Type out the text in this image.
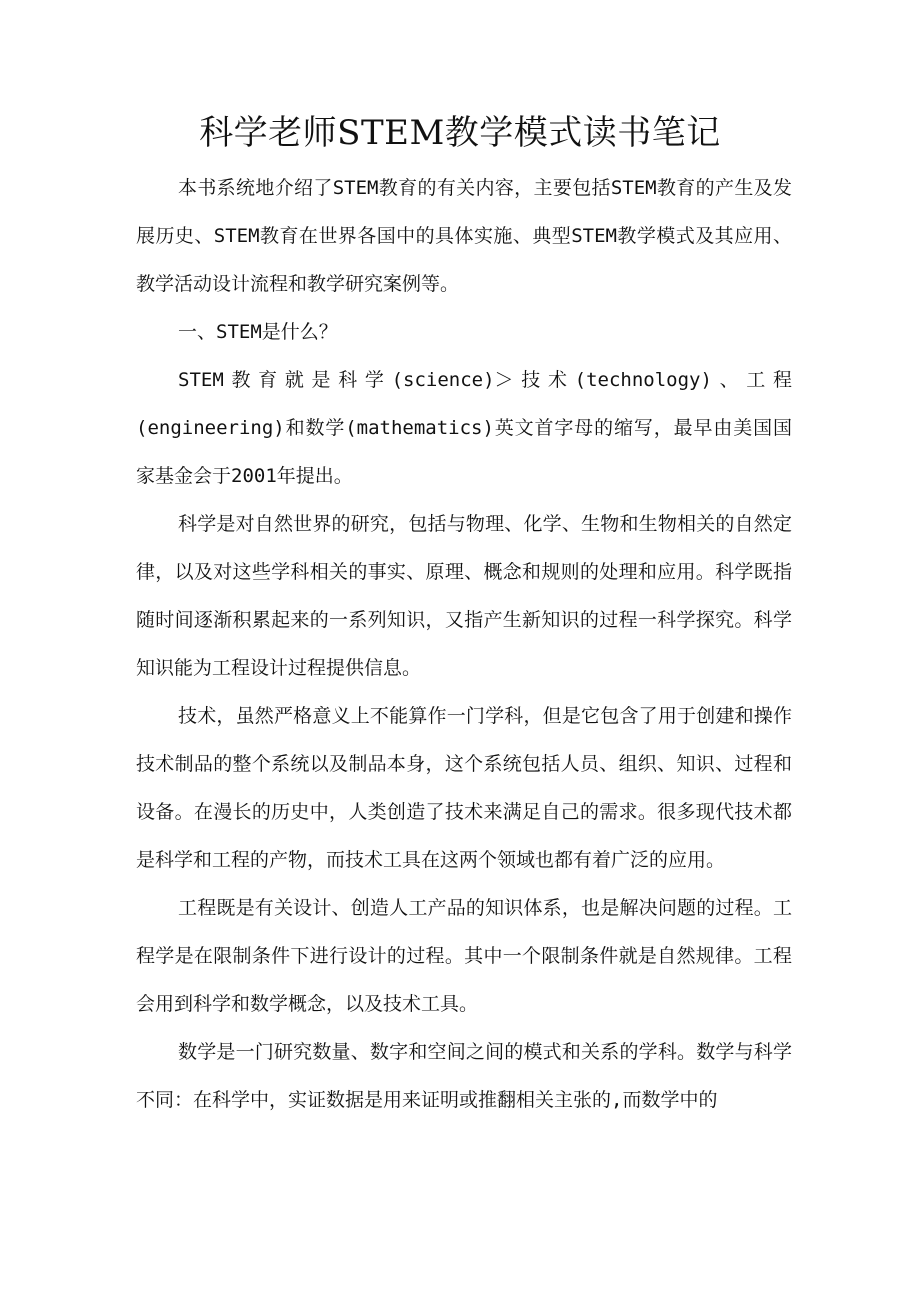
科学老师STEM教学模式读书笔记

本书系统地介绍了STEM教育的有关内容，主要包括STEM教育的产生及发展历史、STEM教育在世界各国中的具体实施、典型STEM教学模式及其应用、教学活动设计流程和教学研究案例等。

一、STEM是什么？

STEM教育就是科学(science)＞技术(technology)、工程(engineering)和数学(mathematics)英文首字母的缩写，最早由美国国家基金会于2001年提出。

科学是对自然世界的研究，包括与物理、化学、生物和生物相关的自然定律，以及对这些学科相关的事实、原理、概念和规则的处理和应用。科学既指随时间逐渐积累起来的一系列知识，又指产生新知识的过程一科学探究。科学知识能为工程设计过程提供信息。

技术，虽然严格意义上不能算作一门学科，但是它包含了用于创建和操作技术制品的整个系统以及制品本身，这个系统包括人员、组织、知识、过程和设备。在漫长的历史中，人类创造了技术来满足自己的需求。很多现代技术都是科学和工程的产物，而技术工具在这两个领域也都有着广泛的应用。

工程既是有关设计、创造人工产品的知识体系，也是解决问题的过程。工程学是在限制条件下进行设计的过程。其中一个限制条件就是自然规律。工程会用到科学和数学概念，以及技术工具。

数学是一门研究数量、数字和空间之间的模式和关系的学科。数学与科学不同：在科学中，实证数据是用来证明或推翻相关主张的,而数学中的
